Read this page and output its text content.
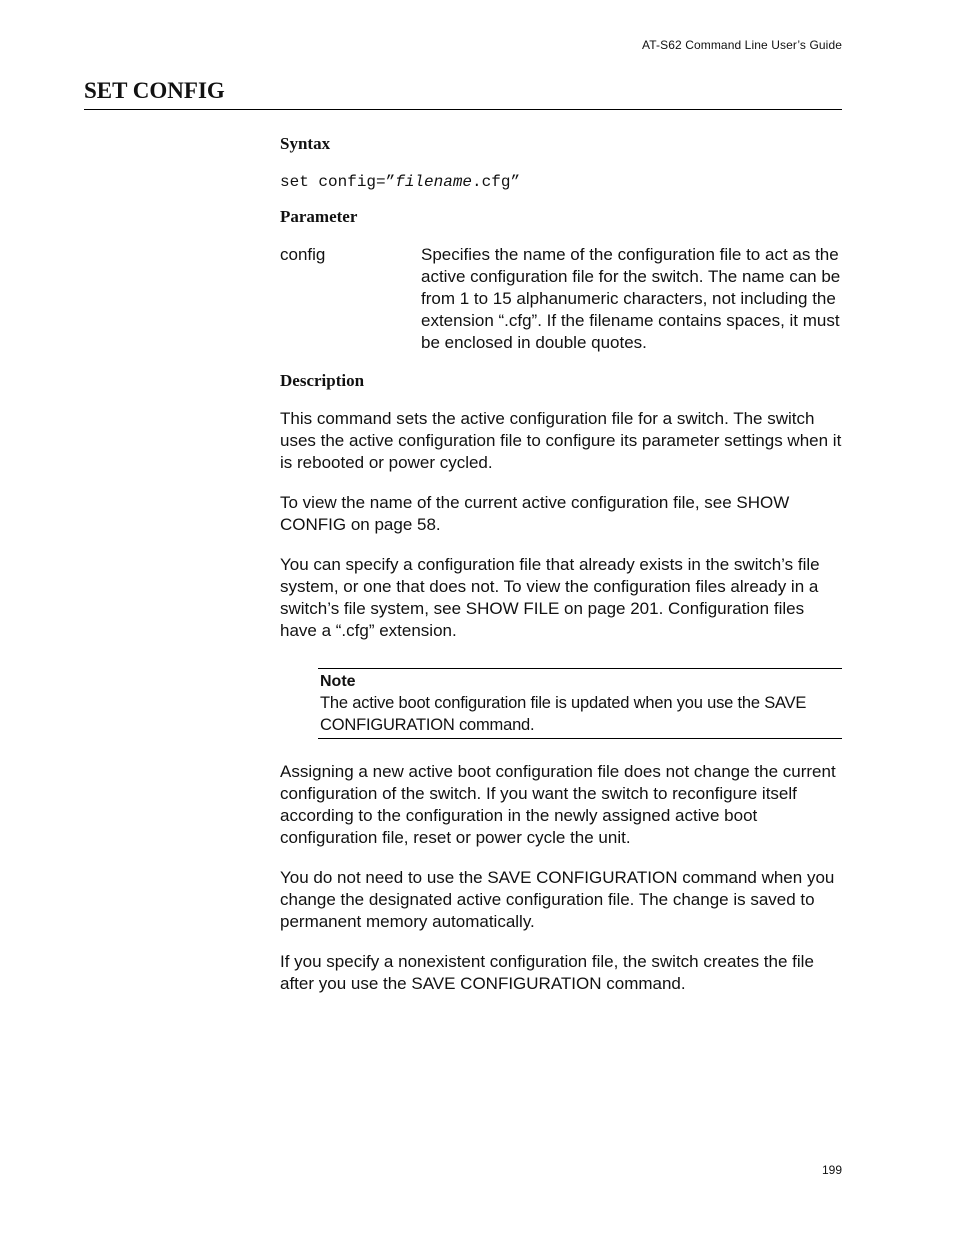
AT-S62 Command Line User’s Guide
SET CONFIG

Syntax

set config=”filename.cfg”

Parameter

config	Specifies the name of the configuration file to act as the active configuration file for the switch. The name can be from 1 to 15 alphanumeric characters, not including the extension “.cfg”. If the filename contains spaces, it must be enclosed in double quotes.

Description

This command sets the active configuration file for a switch. The switch uses the active configuration file to configure its parameter settings when it is rebooted or power cycled.

To view the name of the current active configuration file, see SHOW CONFIG on page 58.

You can specify a configuration file that already exists in the switch’s file system, or one that does not. To view the configuration files already in a switch’s file system, see SHOW FILE on page 201. Configuration files have a “.cfg” extension.

Note
The active boot configuration file is updated when you use the SAVE CONFIGURATION command.

Assigning a new active boot configuration file does not change the current configuration of the switch. If you want the switch to reconfigure itself according to the configuration in the newly assigned active boot configuration file, reset or power cycle the unit.

You do not need to use the SAVE CONFIGURATION command when you change the designated active configuration file. The change is saved to permanent memory automatically.

If you specify a nonexistent configuration file, the switch creates the file after you use the SAVE CONFIGURATION command.

199
